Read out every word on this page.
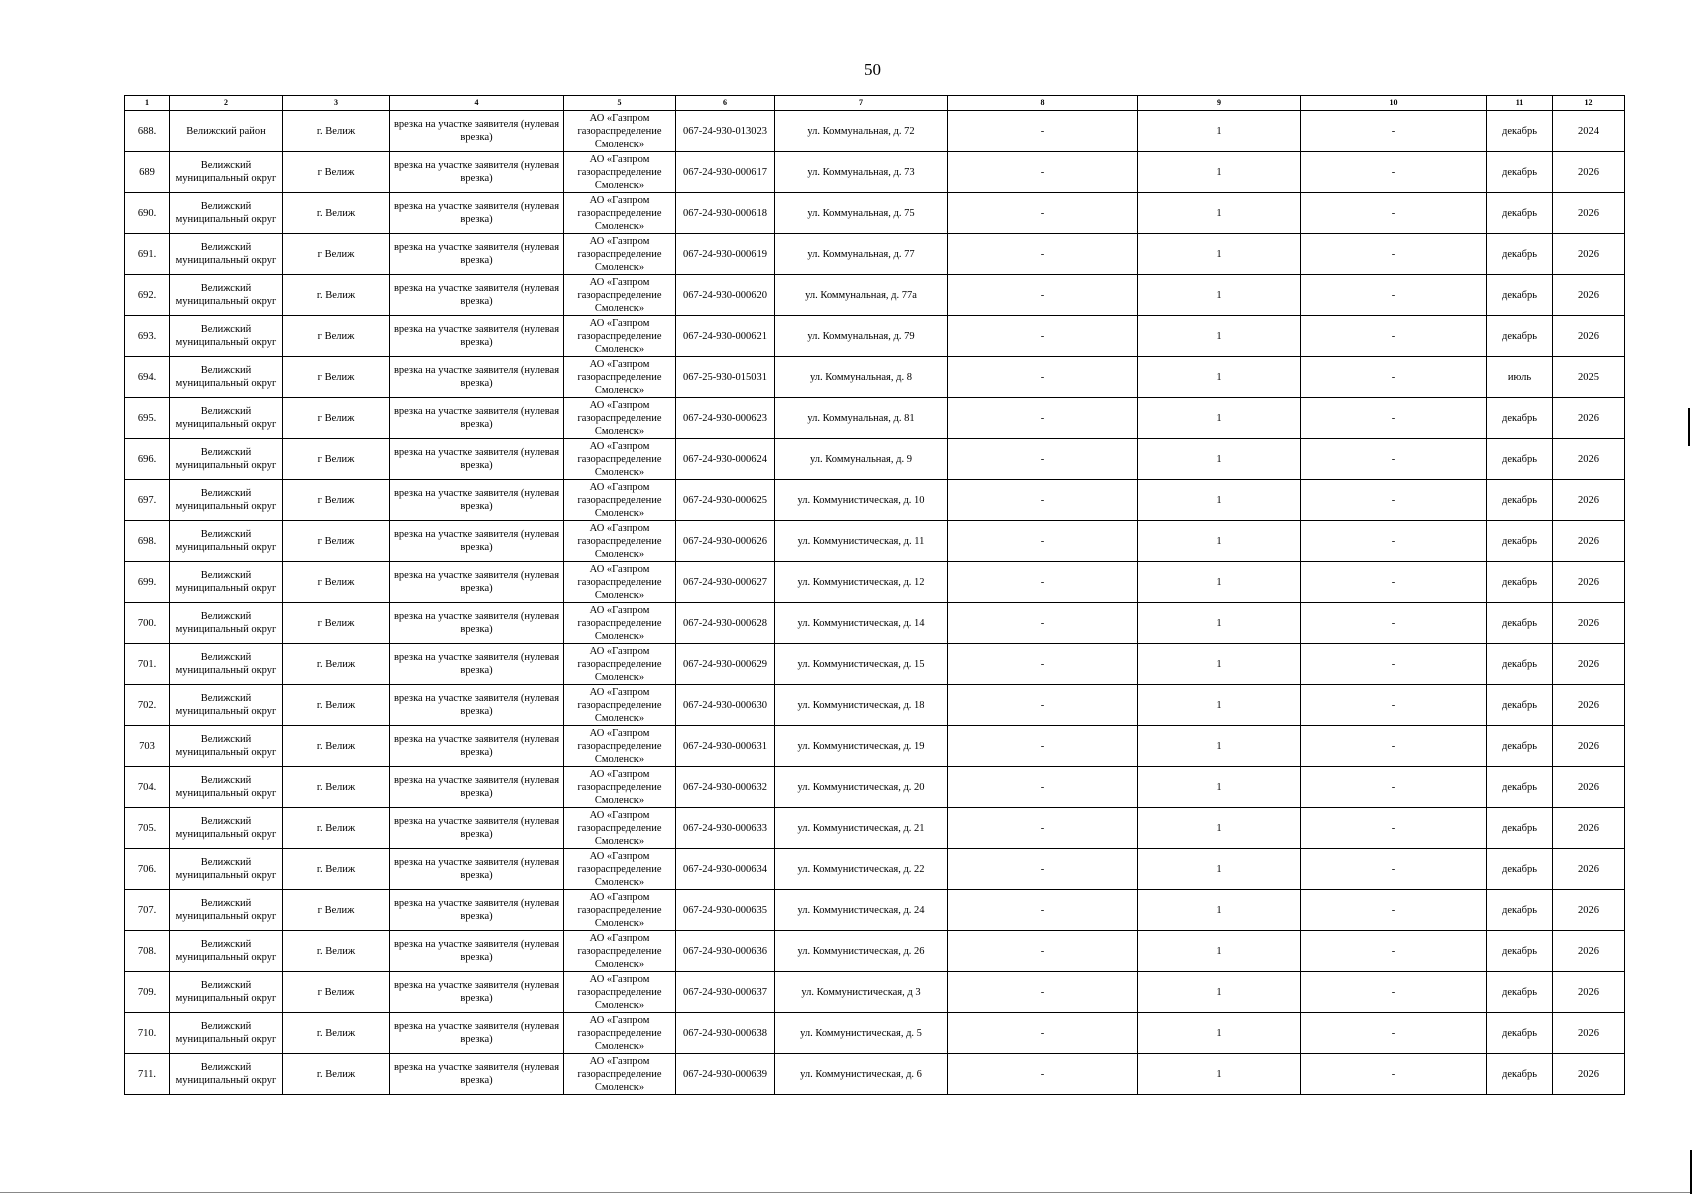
50
1	2	3	4	5	6	7	8	9	10	11	12
688.	Велижский район	г. Велиж	врезка на участке заявителя (нулевая врезка)	АО «Газпром газораспределение Смоленск»	067-24-930-013023	ул. Коммунальная, д. 72	-	1	-	декабрь	2024
689	Велижский муниципальный округ	г Велиж	врезка на участке заявителя (нулевая врезка)	АО «Газпром газораспределение Смоленск»	067-24-930-000617	ул. Коммунальная, д. 73	-	1	-	декабрь	2026
690.	Велижский муниципальный округ	г. Велиж	врезка на участке заявителя (нулевая врезка)	АО «Газпром газораспределение Смоленск»	067-24-930-000618	ул. Коммунальная, д. 75	-	1	-	декабрь	2026
691.	Велижский муниципальный округ	г Велиж	врезка на участке заявителя (нулевая врезка)	АО «Газпром газораспределение Смоленск»	067-24-930-000619	ул. Коммунальная, д. 77	-	1	-	декабрь	2026
692.	Велижский муниципальный округ	г. Велиж	врезка на участке заявителя (нулевая врезка)	АО «Газпром газораспределение Смоленск»	067-24-930-000620	ул. Коммунальная, д. 77а	-	1	-	декабрь	2026
693.	Велижский муниципальный округ	г Велиж	врезка на участке заявителя (нулевая врезка)	АО «Газпром газораспределение Смоленск»	067-24-930-000621	ул. Коммунальная, д. 79	-	1	-	декабрь	2026
694.	Велижский муниципальный округ	г Велиж	врезка на участке заявителя (нулевая врезка)	АО «Газпром газораспределение Смоленск»	067-25-930-015031	ул. Коммунальная, д. 8	-	1	-	июль	2025
695.	Велижский муниципальный округ	г Велиж	врезка на участке заявителя (нулевая врезка)	АО «Газпром газораспределение Смоленск»	067-24-930-000623	ул. Коммунальная, д. 81	-	1	-	декабрь	2026
696.	Велижский муниципальный округ	г Велиж	врезка на участке заявителя (нулевая врезка)	АО «Газпром газораспределение Смоленск»	067-24-930-000624	ул. Коммунальная, д. 9	-	1	-	декабрь	2026
697.	Велижский муниципальный округ	г Велиж	врезка на участке заявителя (нулевая врезка)	АО «Газпром газораспределение Смоленск»	067-24-930-000625	ул. Коммунистическая, д. 10	-	1	-	декабрь	2026
698.	Велижский муниципальный округ	г Велиж	врезка на участке заявителя (нулевая врезка)	АО «Газпром газораспределение Смоленск»	067-24-930-000626	ул. Коммунистическая, д. 11	-	1	-	декабрь	2026
699.	Велижский муниципальный округ	г Велиж	врезка на участке заявителя (нулевая врезка)	АО «Газпром газораспределение Смоленск»	067-24-930-000627	ул. Коммунистическая, д. 12	-	1	-	декабрь	2026
700.	Велижский муниципальный округ	г Велиж	врезка на участке заявителя (нулевая врезка)	АО «Газпром газораспределение Смоленск»	067-24-930-000628	ул. Коммунистическая, д. 14	-	1	-	декабрь	2026
701.	Велижский муниципальный округ	г. Велиж	врезка на участке заявителя (нулевая врезка)	АО «Газпром газораспределение Смоленск»	067-24-930-000629	ул. Коммунистическая, д. 15	-	1	-	декабрь	2026
702.	Велижский муниципальный округ	г. Велиж	врезка на участке заявителя (нулевая врезка)	АО «Газпром газораспределение Смоленск»	067-24-930-000630	ул. Коммунистическая, д. 18	-	1	-	декабрь	2026
703	Велижский муниципальный округ	г. Велиж	врезка на участке заявителя (нулевая врезка)	АО «Газпром газораспределение Смоленск»	067-24-930-000631	ул. Коммунистическая, д. 19	-	1	-	декабрь	2026
704.	Велижский муниципальный округ	г. Велиж	врезка на участке заявителя (нулевая врезка)	АО «Газпром газораспределение Смоленск»	067-24-930-000632	ул. Коммунистическая, д. 20	-	1	-	декабрь	2026
705.	Велижский муниципальный округ	г. Велиж	врезка на участке заявителя (нулевая врезка)	АО «Газпром газораспределение Смоленск»	067-24-930-000633	ул. Коммунистическая, д. 21	-	1	-	декабрь	2026
706.	Велижский муниципальный округ	г. Велиж	врезка на участке заявителя (нулевая врезка)	АО «Газпром газораспределение Смоленск»	067-24-930-000634	ул. Коммунистическая, д. 22	-	1	-	декабрь	2026
707.	Велижский муниципальный округ	г Велиж	врезка на участке заявителя (нулевая врезка)	АО «Газпром газораспределение Смоленск»	067-24-930-000635	ул. Коммунистическая, д. 24	-	1	-	декабрь	2026
708.	Велижский муниципальный округ	г. Велиж	врезка на участке заявителя (нулевая врезка)	АО «Газпром газораспределение Смоленск»	067-24-930-000636	ул. Коммунистическая, д. 26	-	1	-	декабрь	2026
709.	Велижский муниципальный округ	г Велиж	врезка на участке заявителя (нулевая врезка)	АО «Газпром газораспределение Смоленск»	067-24-930-000637	ул. Коммунистическая, д 3	-	1	-	декабрь	2026
710.	Велижский муниципальный округ	г. Велиж	врезка на участке заявителя (нулевая врезка)	АО «Газпром газораспределение Смоленск»	067-24-930-000638	ул. Коммунистическая, д. 5	-	1	-	декабрь	2026
711.	Велижский муниципальный округ	г. Велиж	врезка на участке заявителя (нулевая врезка)	АО «Газпром газораспределение Смоленск»	067-24-930-000639	ул. Коммунистическая, д. 6	-	1	-	декабрь	2026
